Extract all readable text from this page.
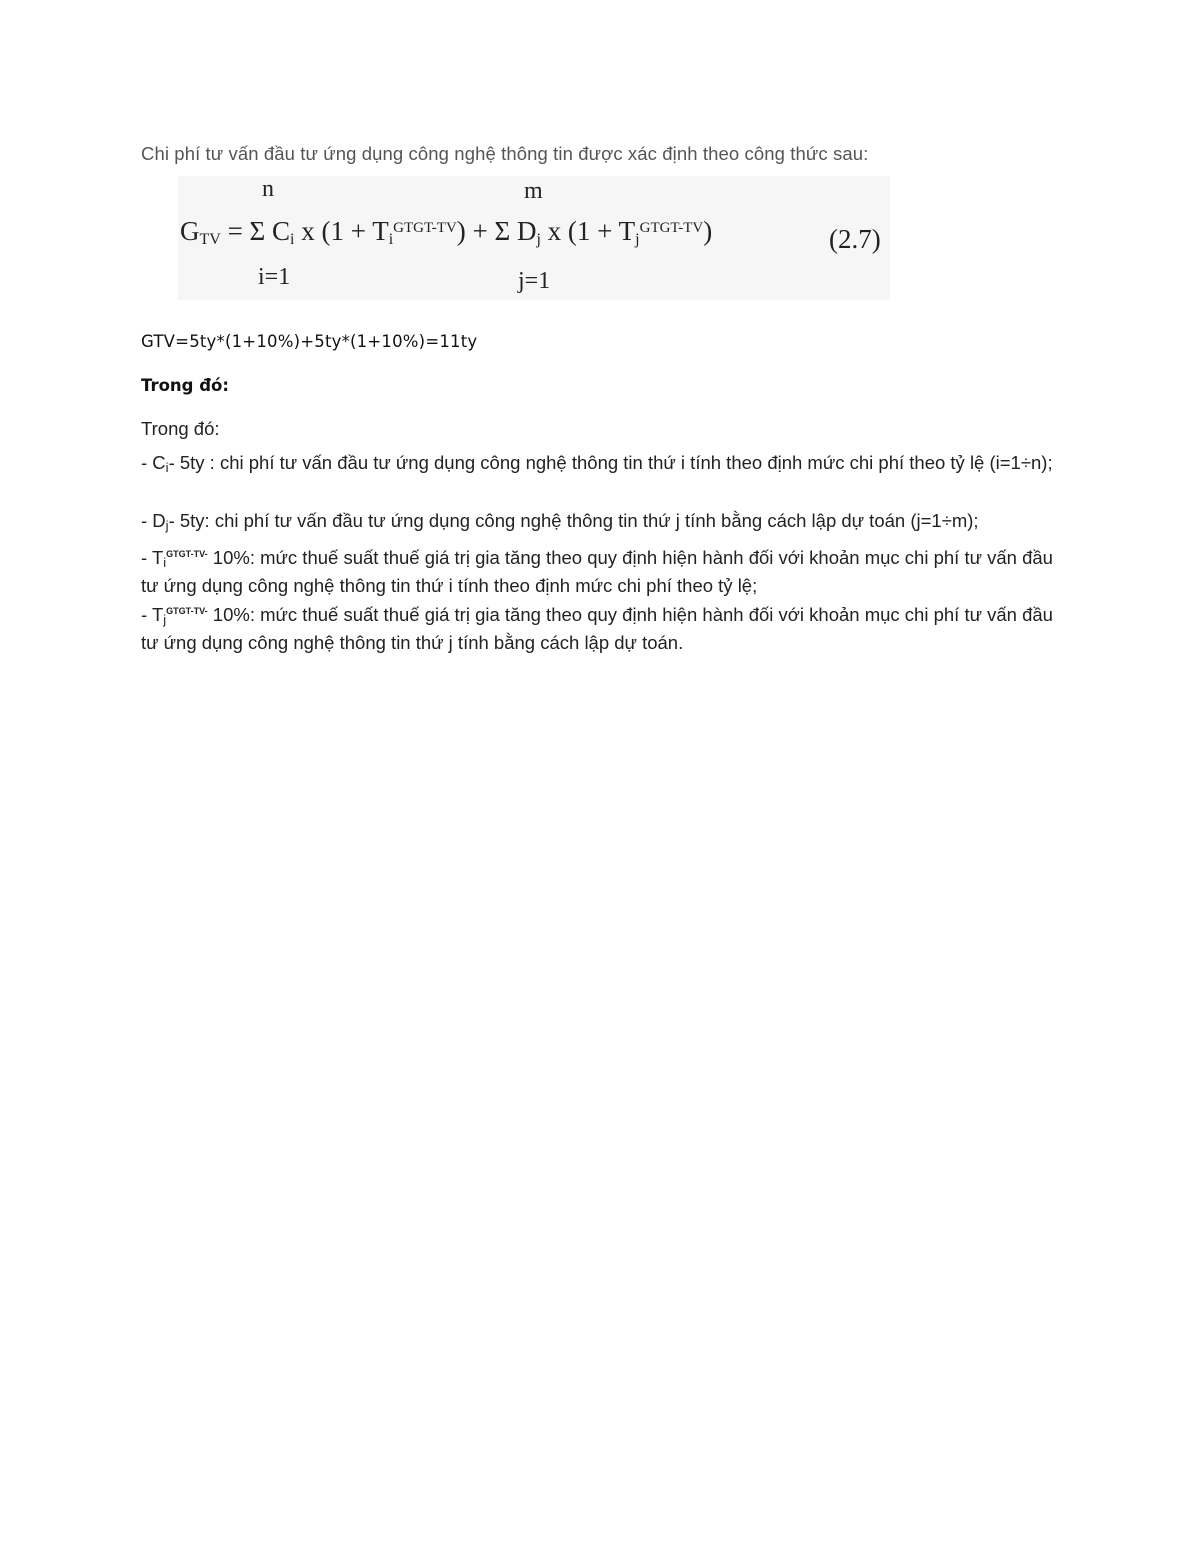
Chi phí tư vấn đầu tư ứng dụng công nghệ thông tin được xác định theo công thức sau:
n	m
$G_{TV} = \Sigma$ $C_i$ x $(1 + T_i^{GTGT-TV}) + \Sigma$ $D_j$ x $(1 + T_j^{GTGT-TV})$
i=1	j=1
(2.7)
GTV=5ty*(1+10%)+5ty*(1+10%)=11ty
Trong đó:
Trong đó:
- $C_i-$ 5ty : chi phí tư vấn đầu tư ứng dụng công nghệ thông tin thứ i tính theo định mức chi phí theo tỷ lệ (i=1÷n);
- $D_j-$ 5ty: chi phí tư vấn đầu tư ứng dụng công nghệ thông tin thứ j tính bằng cách lập dự toán (j=1÷m);
- $T_i^{GTGT-TV-}$ 10%: mức thuế suất thuế giá trị gia tăng theo quy định hiện hành đối với khoản mục chi phí tư vấn đầu tư ứng dụng công nghệ thông tin thứ i tính theo định mức chi phí theo tỷ lệ;
- $T_j^{GTGT-TV-}$ 10%: mức thuế suất thuế giá trị gia tăng theo quy định hiện hành đối với khoản mục chi phí tư vấn đầu tư ứng dụng công nghệ thông tin thứ j tính bằng cách lập dự toán.
